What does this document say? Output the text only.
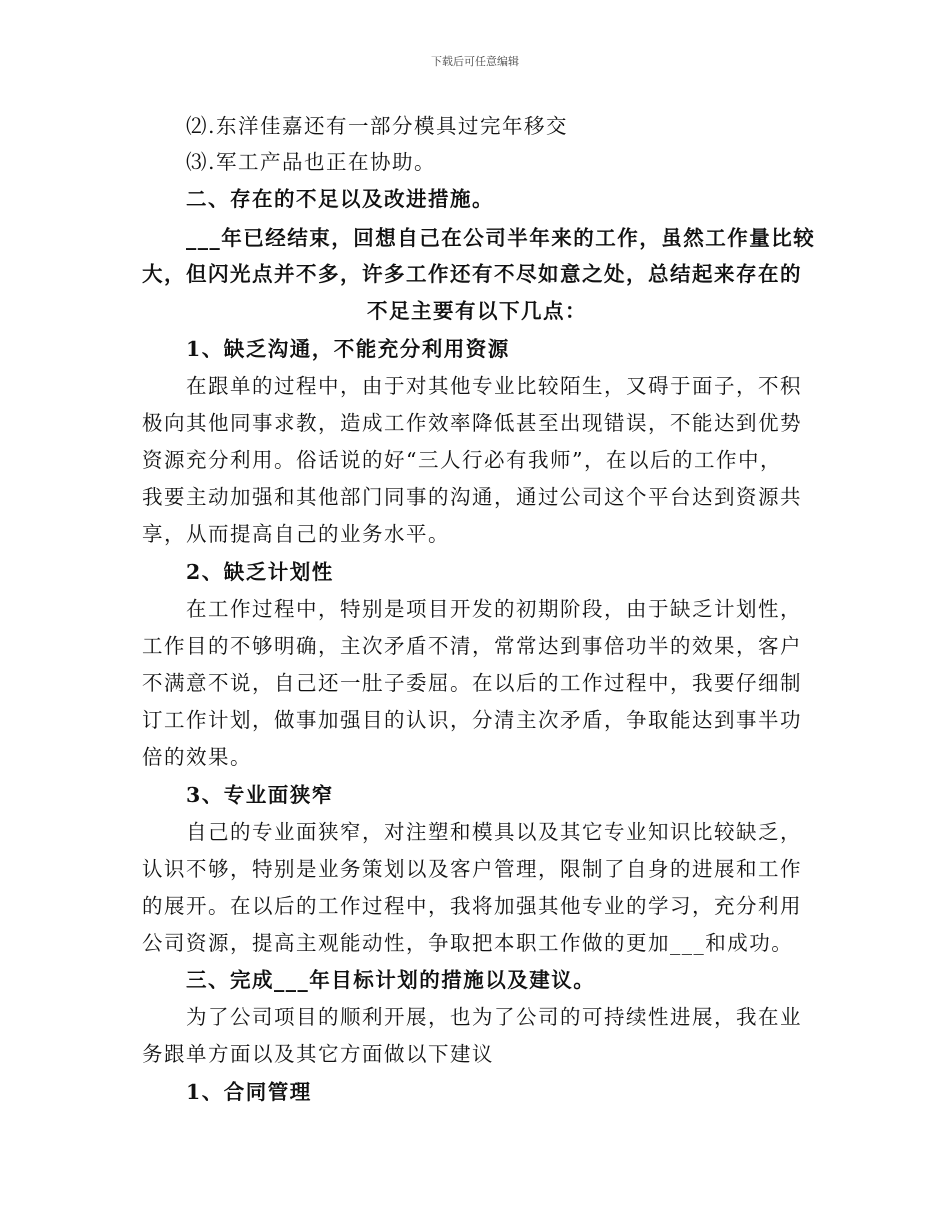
下载后可任意编辑
⑵.东洋佳嘉还有一部分模具过完年移交
⑶.军工产品也正在协助。
二、存在的不足以及改进措施。
___年已经结束，回想自己在公司半年来的工作，虽然工作量比较
大，但闪光点并不多，许多工作还有不尽如意之处，总结起来存在的
不足主要有以下几点：
1、缺乏沟通，不能充分利用资源
在跟单的过程中，由于对其他专业比较陌生，又碍于面子，不积
极向其他同事求教，造成工作效率降低甚至出现错误，不能达到优势
资源充分利用。俗话说的好“三人行必有我师”，在以后的工作中，
我要主动加强和其他部门同事的沟通，通过公司这个平台达到资源共
享，从而提高自己的业务水平。
2、缺乏计划性
在工作过程中，特别是项目开发的初期阶段，由于缺乏计划性，
工作目的不够明确，主次矛盾不清，常常达到事倍功半的效果，客户
不满意不说，自己还一肚子委屈。在以后的工作过程中，我要仔细制
订工作计划，做事加强目的认识，分清主次矛盾，争取能达到事半功
倍的效果。
3、专业面狭窄
自己的专业面狭窄，对注塑和模具以及其它专业知识比较缺乏，
认识不够，特别是业务策划以及客户管理，限制了自身的进展和工作
的展开。在以后的工作过程中，我将加强其他专业的学习，充分利用
公司资源，提高主观能动性，争取把本职工作做的更加___和成功。
三、完成___年目标计划的措施以及建议。
为了公司项目的顺利开展，也为了公司的可持续性进展，我在业
务跟单方面以及其它方面做以下建议
1、合同管理
